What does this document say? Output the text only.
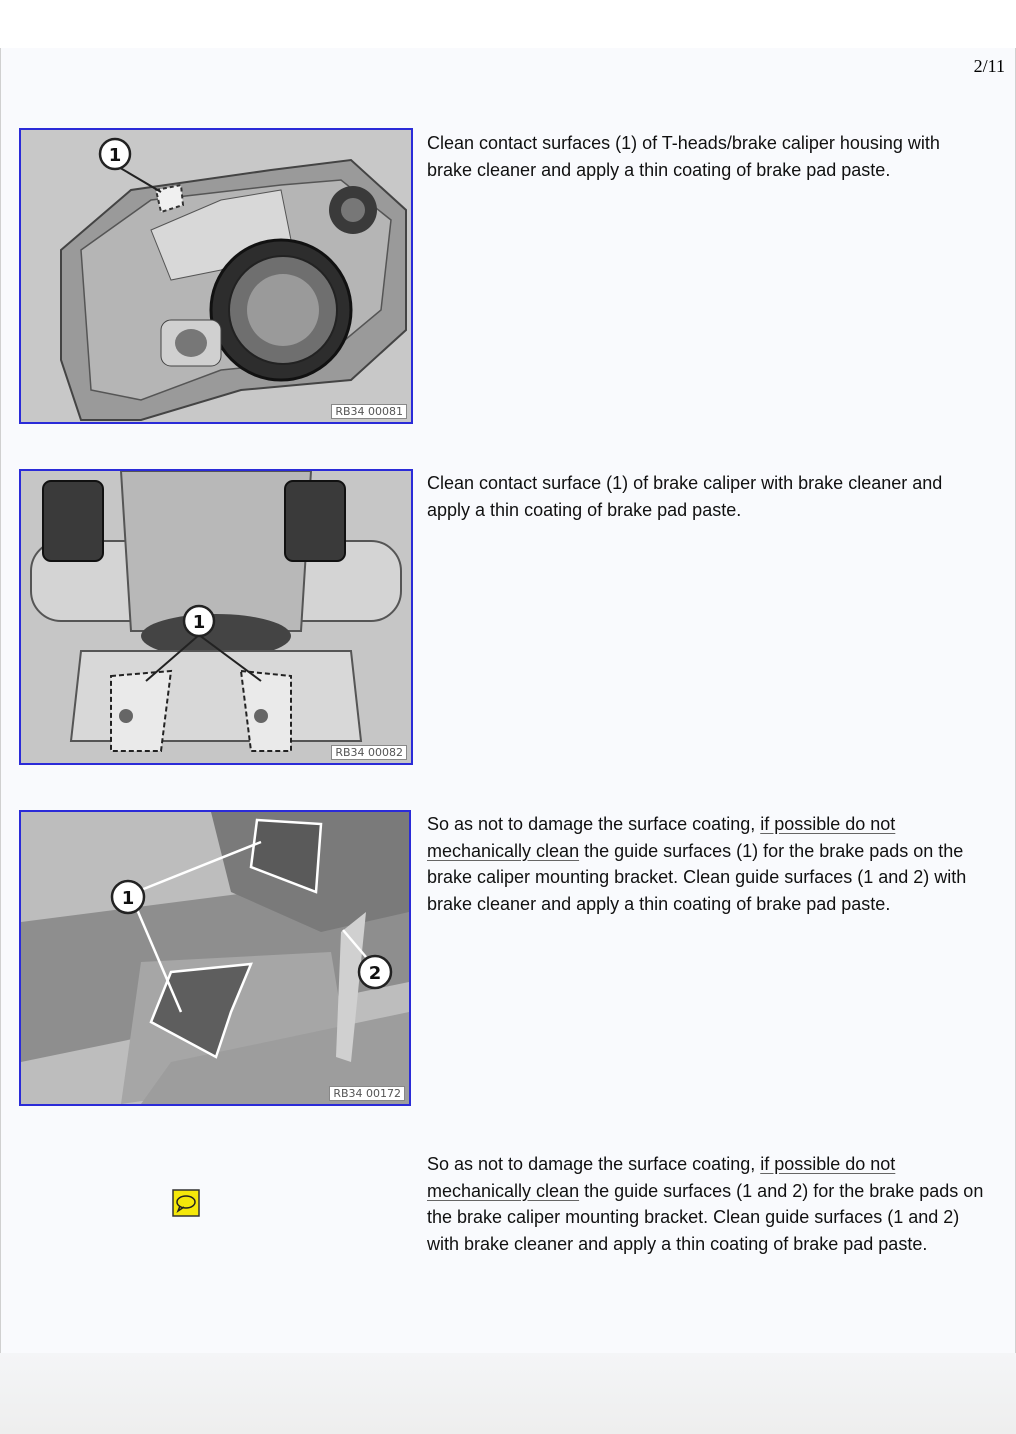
2/11
1
RB34 00081
Clean contact surfaces (1) of T-heads/brake caliper housing with brake cleaner and apply a thin coating of brake pad paste.
1
RB34 00082
Clean contact surface (1) of brake caliper with brake cleaner and apply a thin coating of brake pad paste.
1
2
RB34 00172
So as not to damage the surface coating, if possible do not mechanically clean the guide surfaces (1) for the brake pads on the brake caliper mounting bracket. Clean guide surfaces (1 and 2) with brake cleaner and apply a thin coating of brake pad paste.
So as not to damage the surface coating, if possible do not mechanically clean the guide surfaces (1 and 2) for the brake pads on the brake caliper mounting bracket. Clean guide surfaces (1 and 2) with brake cleaner and apply a thin coating of brake pad paste.
